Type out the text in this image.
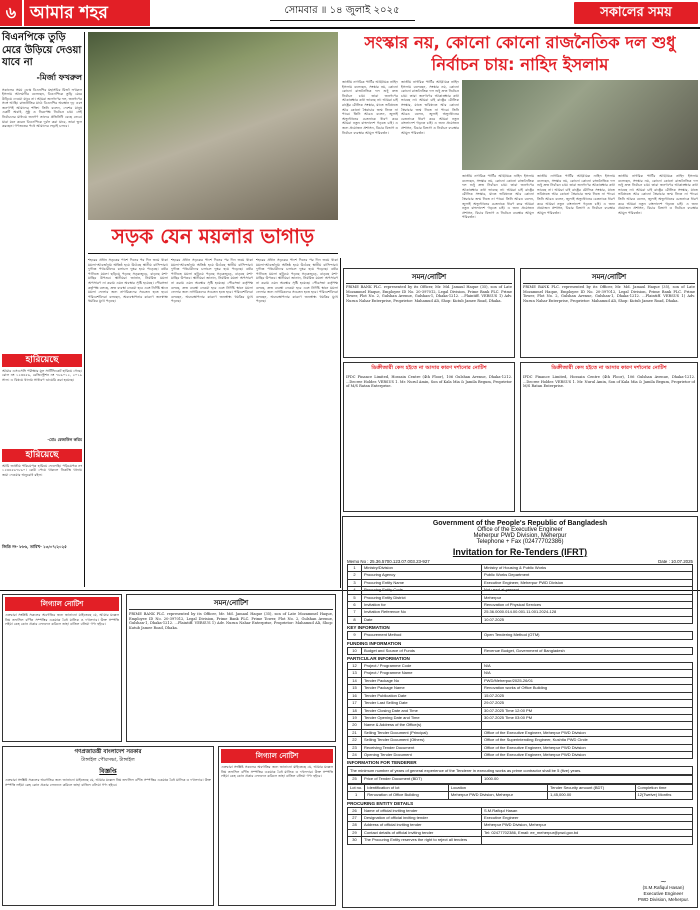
৬ আমার শহর	সোমবার ॥ ১৪ জুলাই ২০২৫	সকালের সময়
বিএনপিকে তুড়ি মেরে উড়িয়ে দেওয়া যাবে না
-মির্জা ফখরুল
সকালের সময় ডেস্ক বিএনপির মহাসচিব মির্জা ফখরুল ইসলাম আলমগীর বলেছেন, বিএনপিকে তুড়ি মেরে উড়িয়ে দেওয়া যাবে না। আমরা জনগণের দল, জনগণের সঙ্গে আছি। রাজনীতির মাঠে বিএনপির অবস্থান দৃঢ় এবং জনগণই আমাদের শক্তি। তিনি বলেন, দেশের মানুষ একটি অবাধ, সুষ্ঠু ও নিরপেক্ষ নির্বাচন চায়। সেই নির্বাচনের মাধ্যমে জনগণ তাদের প্রতিনিধি বেছে নেবে। যারা মনে করেন বিএনপিকে দুর্বল করা যাবে, তারা ভুল করছেন। গণতন্ত্রের পথে আমাদের লড়াই চলবে।
হারিয়েছে
আমার এসএসসি পরীক্ষার মূল সার্টিফিকেট হারিয়ে গেছে। রোল নং ১২৩৪৫৬, রেজিস্ট্রেশন নং ৭৮৯০১২, ২০১৯ সাল। এ বিষয়ে থানায় সাধারণ ডায়েরি করা হয়েছে।
-মোঃ রেজাউল করিম
হারিয়েছে
আমি জাতীয় পরিচয়পত্র হারিয়ে ফেলেছি। পরিচয়পত্র নং ১২৩৪৫৬৭৮৯০। কেউ পেয়ে থাকলে নিকটস্থ থানায় জমা দেওয়ার অনুরোধ রইল।
জিডি নং- ৮৮৬, তারিখ- ১৩/০৭/২০২৫
সংস্কার নয়, কোনো কোনো রাজনৈতিক দল শুধু নির্বাচন চায়: নাহিদ ইসলাম
জাতীয় নাগরিক পার্টির আহ্বায়ক নাহিদ ইসলাম বলেছেন, সংস্কার নয়, কোনো কোনো রাজনৈতিক দল শুধু দ্রুত নির্বাচন চায়। তারা জনগণের আকাঙ্ক্ষার কথা ভাবছে না। আমরা চাই রাষ্ট্রের মৌলিক সংস্কার, যাতে ভবিষ্যতে আর কোনো স্বৈরাচার জন্ম নিতে না পারে। তিনি আরও বলেন, জুলাই অভ্যুত্থানের চেতনাকে ধারণ করে আমরা নতুন বাংলাদেশ গড়তে চাই। এ জন্য প্রয়োজন প্রশাসন, বিচার বিভাগ ও নির্বাচন ব্যবস্থার আমূল পরিবর্তন।
জাতীয় নাগরিক পার্টির আহ্বায়ক নাহিদ ইসলাম বলেছেন, সংস্কার নয়, কোনো কোনো রাজনৈতিক দল শুধু দ্রুত নির্বাচন চায়। তারা জনগণের আকাঙ্ক্ষার কথা ভাবছে না। আমরা চাই রাষ্ট্রের মৌলিক সংস্কার, যাতে ভবিষ্যতে আর কোনো স্বৈরাচার জন্ম নিতে না পারে। তিনি আরও বলেন, জুলাই অভ্যুত্থানের চেতনাকে ধারণ করে আমরা নতুন বাংলাদেশ গড়তে চাই। এ জন্য প্রয়োজন প্রশাসন, বিচার বিভাগ ও নির্বাচন ব্যবস্থার আমূল পরিবর্তন।
জাতীয় নাগরিক পার্টির আহ্বায়ক নাহিদ ইসলাম বলেছেন, সংস্কার নয়, কোনো কোনো রাজনৈতিক দল শুধু দ্রুত নির্বাচন চায়। তারা জনগণের আকাঙ্ক্ষার কথা ভাবছে না। আমরা চাই রাষ্ট্রের মৌলিক সংস্কার, যাতে ভবিষ্যতে আর কোনো স্বৈরাচার জন্ম নিতে না পারে। তিনি আরও বলেন, জুলাই অভ্যুত্থানের চেতনাকে ধারণ করে আমরা নতুন বাংলাদেশ গড়তে চাই। এ জন্য প্রয়োজন প্রশাসন, বিচার বিভাগ ও নির্বাচন ব্যবস্থার আমূল পরিবর্তন।
জাতীয় নাগরিক পার্টির আহ্বায়ক নাহিদ ইসলাম বলেছেন, সংস্কার নয়, কোনো কোনো রাজনৈতিক দল শুধু দ্রুত নির্বাচন চায়। তারা জনগণের আকাঙ্ক্ষার কথা ভাবছে না। আমরা চাই রাষ্ট্রের মৌলিক সংস্কার, যাতে ভবিষ্যতে আর কোনো স্বৈরাচার জন্ম নিতে না পারে। তিনি আরও বলেন, জুলাই অভ্যুত্থানের চেতনাকে ধারণ করে আমরা নতুন বাংলাদেশ গড়তে চাই। এ জন্য প্রয়োজন প্রশাসন, বিচার বিভাগ ও নির্বাচন ব্যবস্থার আমূল পরিবর্তন।
জাতীয় নাগরিক পার্টির আহ্বায়ক নাহিদ ইসলাম বলেছেন, সংস্কার নয়, কোনো কোনো রাজনৈতিক দল শুধু দ্রুত নির্বাচন চায়। তারা জনগণের আকাঙ্ক্ষার কথা ভাবছে না। আমরা চাই রাষ্ট্রের মৌলিক সংস্কার, যাতে ভবিষ্যতে আর কোনো স্বৈরাচার জন্ম নিতে না পারে। তিনি আরও বলেন, জুলাই অভ্যুত্থানের চেতনাকে ধারণ করে আমরা নতুন বাংলাদেশ গড়তে চাই। এ জন্য প্রয়োজন প্রশাসন, বিচার বিভাগ ও নির্বাচন ব্যবস্থার আমূল পরিবর্তন।
সড়ক যেন ময়লার ভাগাড়
শহরের প্রধান সড়কের পাশে দিনের পর দিন জমে থাকা ময়লা-আবর্জনায় অতিষ্ঠ হয়ে উঠেছে স্থানীয় বাসিন্দারা। দুর্গন্ধে পথচারীদের চলাচল দুষ্কর হয়ে পড়েছে। বর্ষার পানিতে ময়লা ছড়িয়ে পড়ছে সড়কজুড়ে, বাড়ছে মশা-মাছির উপদ্রব। স্থানীয়রা জানান, নিয়মিত ময়লা অপসারণ না করায় এমন অবস্থার সৃষ্টি হয়েছে। পৌরসভা কর্তৃপক্ষ বলছে, দ্রুত ব্যবস্থা নেওয়া হবে এবং নির্দিষ্ট স্থানে ময়লা ফেলার জন্য নাগরিকদের সচেতন হতে হবে। পরিবেশবিদরা বলছেন, অব্যবস্থাপনার কারণে জনস্বাস্থ্য হুমকির মুখে পড়ছে।
শহরের প্রধান সড়কের পাশে দিনের পর দিন জমে থাকা ময়লা-আবর্জনায় অতিষ্ঠ হয়ে উঠেছে স্থানীয় বাসিন্দারা। দুর্গন্ধে পথচারীদের চলাচল দুষ্কর হয়ে পড়েছে। বর্ষার পানিতে ময়লা ছড়িয়ে পড়ছে সড়কজুড়ে, বাড়ছে মশা-মাছির উপদ্রব। স্থানীয়রা জানান, নিয়মিত ময়লা অপসারণ না করায় এমন অবস্থার সৃষ্টি হয়েছে। পৌরসভা কর্তৃপক্ষ বলছে, দ্রুত ব্যবস্থা নেওয়া হবে এবং নির্দিষ্ট স্থানে ময়লা ফেলার জন্য নাগরিকদের সচেতন হতে হবে। পরিবেশবিদরা বলছেন, অব্যবস্থাপনার কারণে জনস্বাস্থ্য হুমকির মুখে পড়ছে।
শহরের প্রধান সড়কের পাশে দিনের পর দিন জমে থাকা ময়লা-আবর্জনায় অতিষ্ঠ হয়ে উঠেছে স্থানীয় বাসিন্দারা। দুর্গন্ধে পথচারীদের চলাচল দুষ্কর হয়ে পড়েছে। বর্ষার পানিতে ময়লা ছড়িয়ে পড়ছে সড়কজুড়ে, বাড়ছে মশা-মাছির উপদ্রব। স্থানীয়রা জানান, নিয়মিত ময়লা অপসারণ না করায় এমন অবস্থার সৃষ্টি হয়েছে। পৌরসভা কর্তৃপক্ষ বলছে, দ্রুত ব্যবস্থা নেওয়া হবে এবং নির্দিষ্ট স্থানে ময়লা ফেলার জন্য নাগরিকদের সচেতন হতে হবে। পরিবেশবিদরা বলছেন, অব্যবস্থাপনার কারণে জনস্বাস্থ্য হুমকির মুখে পড়ছে।
সমন/নোটিশ
PRIME BANK PLC. represented by its Officer, Mr. Md. Jamaul Haque (35), son of Late Mozammel Haque, Employee ID No. 20-397012, Legal Division, Prime Bank PLC. Prime Tower, Plot No. 2, Gulshan Avenue, Gulshan-1, Dhaka-1212. ...Plaintiff. VERSUS 1) Adv. Nurun Nahar Enterprise, Proprietor: Mahamud Ali, Shop: Kutub Jamee Road, Dhaka.
সমন/নোটিশ
PRIME BANK PLC. represented by its Officer, Mr. Md. Jamaul Haque (35), son of Late Mozammel Haque, Employee ID No. 20-397012, Legal Division, Prime Bank PLC. Prime Tower, Plot No. 2, Gulshan Avenue, Gulshan-1, Dhaka-1212. ...Plaintiff. VERSUS 1) Adv. Nurun Nahar Enterprise, Proprietor: Mahamud Ali, Shop: Kutub Jamee Road, Dhaka.
ডিক্রীজারী কেস হইতে না আসার কারণ দর্শানোর নোটিশ
IFDC Finance Limited, Hossain Centre (4th Floor), 106 Gulshan Avenue, Dhaka-1212. ...Decree Holder. VERSUS 1. Mr. Nurul Amin, Son of Kala Mia & Jamila Begum, Proprietor of M/S Ratan Enterprise.
ডিক্রীজারী কেস হইতে না আসার কারণ দর্শানোর নোটিশ
IFDC Finance Limited, Hossain Centre (4th Floor), 106 Gulshan Avenue, Dhaka-1212. ...Decree Holder. VERSUS 1. Mr. Nurul Amin, Son of Kala Mia & Jamila Begum, Proprietor of M/S Ratan Enterprise.
লিগ্যাল নোটিশ
এতদ্বারা সংশ্লিষ্ট সকলের অবগতির জন্য জানানো যাইতেছে যে, আমার মক্কেল নিম্ন তফসিল বর্ণিত সম্পত্তির একমাত্র বৈধ মালিক ও দখলদার। উক্ত সম্পত্তি লইয়া কেহ কোন প্রকার লেনদেন করিলে তাহা বাতিল বলিয়া গণ্য হইবে।
সমন/নোটিশ
PRIME BANK PLC. represented by its Officer, Mr. Md. Jamaul Haque (35), son of Late Mozammel Haque, Employee ID No. 20-397012, Legal Division, Prime Bank PLC. Prime Tower, Plot No. 2, Gulshan Avenue, Gulshan-1, Dhaka-1212. ...Plaintiff. VERSUS 1) Adv. Nurun Nahar Enterprise, Proprietor: Mahamud Ali, Shop: Kutub Jamee Road, Dhaka.
গণপ্রজাতন্ত্রী বাংলাদেশ সরকার
টাঙ্গাইল পৌরসভা, টাঙ্গাইল
বিজ্ঞপ্তি
এতদ্বারা সংশ্লিষ্ট সকলের অবগতির জন্য জানানো যাইতেছে যে, আমার মক্কেল নিম্ন তফসিল বর্ণিত সম্পত্তির একমাত্র বৈধ মালিক ও দখলদার। উক্ত সম্পত্তি লইয়া কেহ কোন প্রকার লেনদেন করিলে তাহা বাতিল বলিয়া গণ্য হইবে।
লিগ্যাল নোটিশ
এতদ্বারা সংশ্লিষ্ট সকলের অবগতির জন্য জানানো যাইতেছে যে, আমার মক্কেল নিম্ন তফসিল বর্ণিত সম্পত্তির একমাত্র বৈধ মালিক ও দখলদার। উক্ত সম্পত্তি লইয়া কেহ কোন প্রকার লেনদেন করিলে তাহা বাতিল বলিয়া গণ্য হইবে।
Government of the People's Republic of Bangladesh
Office of the Executive Engineer
Meherpur PWD Division, Meherpur
Telephone + Fax (02477702386)
Invitation for Re-Tenders (IFRT)
Memo No : 25.36.5700.123.07.003.23-927	Date : 10.07.2025
1	Ministry/Division	Ministry of Housing & Public Works
2	Procuring Agency	Public Works Department
3	Procuring Entity Name	Executive Engineer, Meherpur PWD Division
4	Procuring Entity Code	Not used at present
5	Procuring Entity District	Meherpur
6	Invitation for	Renovation of Physical Services
7	Invitation Reference No	25.36.0000.014.00.001.11.001.2024-128
8	Date	10.07.2025
KEY INFORMATION
9	Procurement Method	Open Tendering Method (OTM)
FUNDING INFORMATION
10	Budget and Source of Funds	Revenue Budget, Government of Bangladesh
PARTICULAR INFORMATION
12	Project / Programme Code	N/A
13	Project / Programme Name	N/A
14	Tender Package No	PWD/Meherpur/2025-26/01
15	Tender Package Name	Renovation works of Office Building
16	Tender Publication Date	15.07.2025
17	Tender Last Selling Date	29.07.2025
18	Tender Closing Date and Time	30.07.2025 Time 12:00 PM
19	Tender Opening Date and Time	30.07.2025 Time 03:00 PM
20	Name & Address of the Office(s)	
21	Selling Tender Document (Principal)	Office of the Executive Engineer, Meherpur PWD Division
22	Selling Tender Document (Others)	Office of the Superintending Engineer, Kushtia PWD Circle
23	Receiving Tender Document	Office of the Executive Engineer, Meherpur PWD Division
24	Opening Tender Document	Office of the Executive Engineer, Meherpur PWD Division
INFORMATION FOR TENDERER
The minimum number of years of general experience of the Tenderer in executing works as prime contractor shall be 5 (five) years.
25	Price of Tender Document (BDT)	1000.00
Lot no.	Identification of lot	Location	Tender Security amount (BDT)	Completion time
1	Renovation of Office Building	Meherpur PWD Division, Meherpur	1,45,000.00	12(Twelve) Months
PROCURING ENTITY DETAILS
26	Name of official inviting tender	S.M.Rafiqul Hasan
27	Designation of official inviting tender	Executive Engineer
28	Address of official inviting tender	Meherpur PWD Division, Meherpur
29	Contact details of official inviting tender	Tel: 02477702386, Email: ee_meherpur@pwd.gov.bd
30	The Procuring Entity reserves the right to reject all tenders	
~
(S.M.Rafiqul Hasan)
Executive Engineer
PWD Division, Meherpur.
